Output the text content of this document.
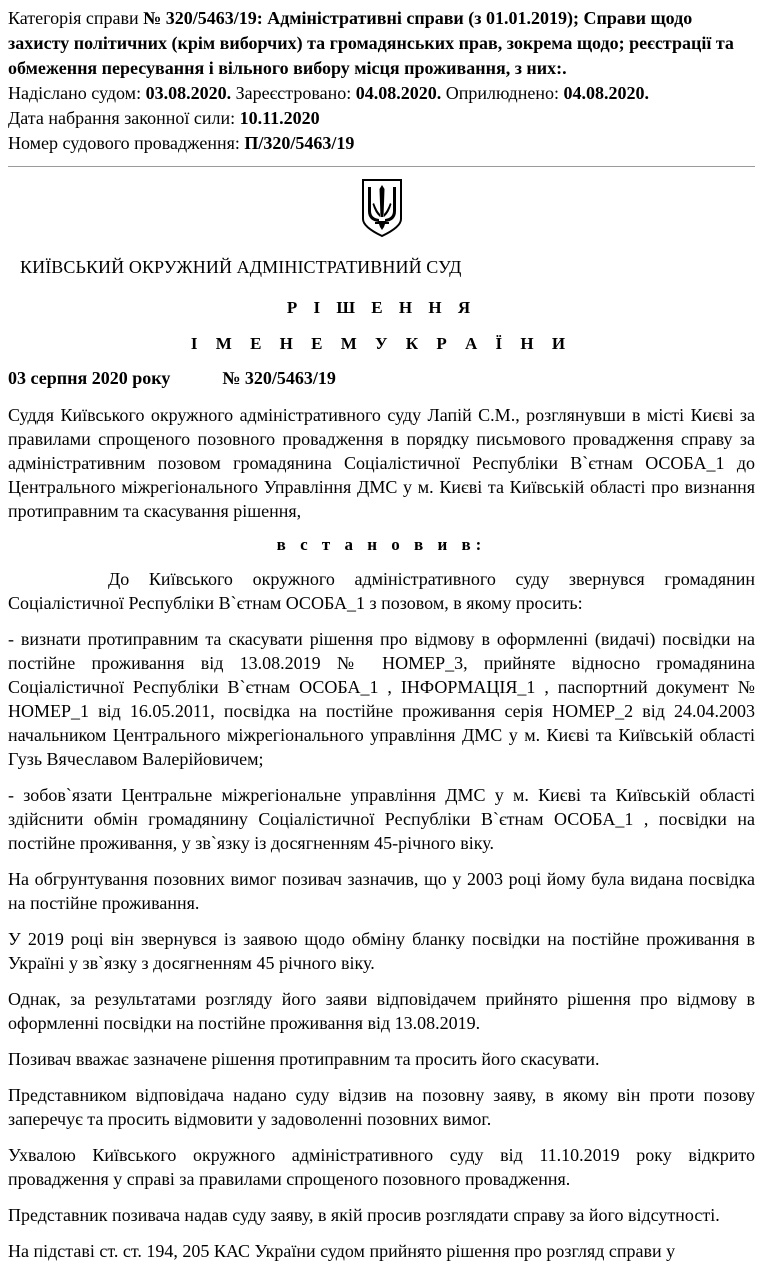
Категорія справи № 320/5463/19: Адміністративні справи (з 01.01.2019); Справи щодо захисту політичних (крім виборчих) та громадянських прав, зокрема щодо; реєстрації та обмеження пересування і вільного вибору місця проживання, з них:.

Надіслано судом: 03.08.2020. Зареєстровано: 04.08.2020. Оприлюднено: 04.08.2020.

Дата набрання законної сили: 10.11.2020

Номер судового провадження: П/320/5463/19

КИЇВСЬКИЙ ОКРУЖНИЙ АДМІНІСТРАТИВНИЙ СУД
Р І Ш Е Н Н Я
І М Е Н Е М У К Р А Ї Н И
03 серпня 2020 року	№ 320/5463/19

Суддя Київського окружного адміністративного суду Лапій С.М., розглянувши в місті Києві за правилами спрощеного позовного провадження в порядку письмового провадження справу за адміністративним позовом громадянина Соціалістичної Республіки В`єтнам ОСОБА_1 до Центрального міжрегіонального Управління ДМС у м. Києві та Київській області про визнання протиправним та скасування рішення,

в с т а н о в и в:

До Київського окружного адміністративного суду звернувся громадянин Соціалістичної Республіки В`єтнам ОСОБА_1 з позовом, в якому просить:

- визнати протиправним та скасувати рішення про відмову в оформленні (видачі) посвідки на постійне проживання від 13.08.2019 № НОМЕР_3, прийняте відносно громадянина Соціалістичної Республіки В`єтнам ОСОБА_1 , ІНФОРМАЦІЯ_1 , паспортний документ № НОМЕР_1 від 16.05.2011, посвідка на постійне проживання серія НОМЕР_2 від 24.04.2003 начальником Центрального міжрегіонального управління ДМС у м. Києві та Київській області Гузь Вячеславом Валерійовичем;

- зобов`язати Центральне міжрегіональне управління ДМС у м. Києві та Київській області здійснити обмін громадянину Соціалістичної Республіки В`єтнам ОСОБА_1 , посвідки на постійне проживання, у зв`язку із досягненням 45-річного віку.

На обгрунтування позовних вимог позивач зазначив, що у 2003 році йому була видана посвідка на постійне проживання.

У 2019 році він звернувся із заявою щодо обміну бланку посвідки на постійне проживання в Україні у зв`язку з досягненням 45 річного віку.

Однак, за результатами розгляду його заяви відповідачем прийнято рішення про відмову в оформленні посвідки на постійне проживання від 13.08.2019.

Позивач вважає зазначене рішення протиправним та просить його скасувати.

Представником відповідача надано суду відзив на позовну заяву, в якому він проти позову заперечує та просить відмовити у задоволенні позовних вимог.

Ухвалою Київського окружного адміністративного суду від 11.10.2019 року відкрито провадження у справі за правилами спрощеного позовного провадження.

Представник позивача надав суду заяву, в якій просив розглядати справу за його відсутності.

На підставі ст. ст. 194, 205 КАС України судом прийнято рішення про розгляд справи у
